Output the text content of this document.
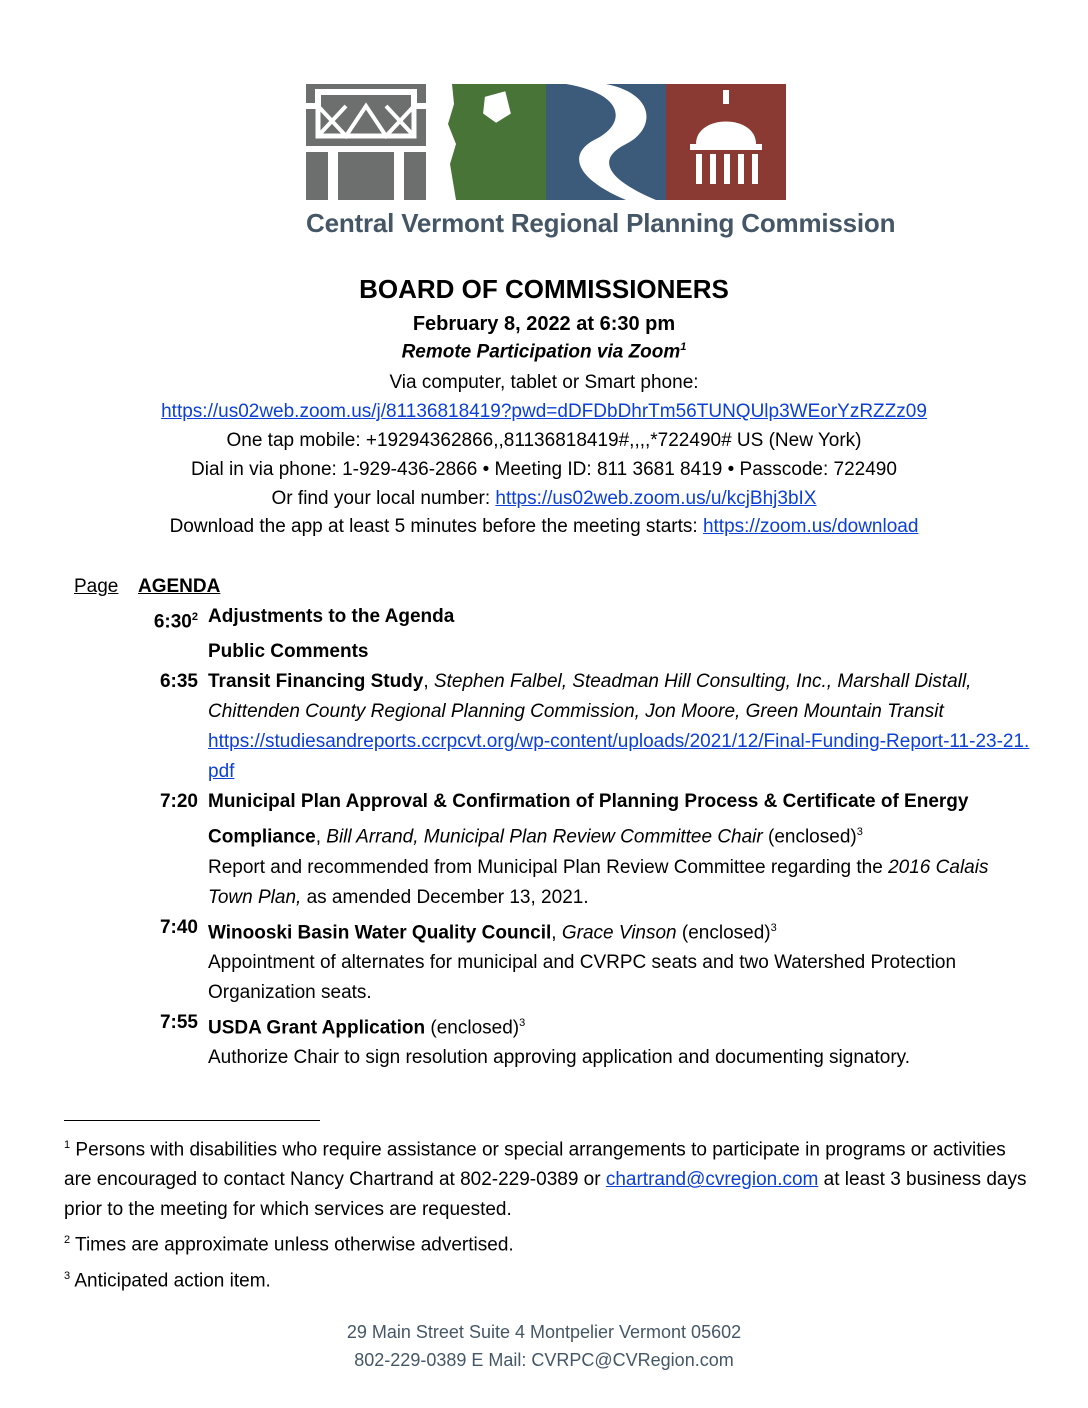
Central Vermont Regional Planning Commission
BOARD OF COMMISSIONERS
February 8, 2022 at 6:30 pm
Remote Participation via Zoom$^1$
Via computer, tablet or Smart phone:
https://us02web.zoom.us/j/81136818419?pwd=dDFDbDhrTm56TUNQUlp3WEorYzRZZz09
One tap mobile: +19294362866,,81136818419#,,,,*722490# US (New York)
Dial in via phone: 1-929-436-2866 • Meeting ID: 811 3681 8419 • Passcode: 722490
Or find your local number: https://us02web.zoom.us/u/kcjBhj3bIX
Download the app at least 5 minutes before the meeting starts: https://zoom.us/download
Page	AGENDA
$6:30^2$ Adjustments to the Agenda
Public Comments
6:35 Transit Financing Study, Stephen Falbel, Steadman Hill Consulting, Inc., Marshall Distall, Chittenden County Regional Planning Commission, Jon Moore, Green Mountain Transit
https://studiesandreports.ccrpcvt.org/wp-content/uploads/2021/12/Final-Funding-Report-11-23-21.pdf
7:20 Municipal Plan Approval & Confirmation of Planning Process & Certificate of Energy Compliance, Bill Arrand, Municipal Plan Review Committee Chair (enclosed)$^3$
Report and recommended from Municipal Plan Review Committee regarding the 2016 Calais Town Plan, as amended December 13, 2021.
7:40 Winooski Basin Water Quality Council, Grace Vinson (enclosed)$^3$
Appointment of alternates for municipal and CVRPC seats and two Watershed Protection Organization seats.
7:55 USDA Grant Application (enclosed)$^3$
Authorize Chair to sign resolution approving application and documenting signatory.
$^1$ Persons with disabilities who require assistance or special arrangements to participate in programs or activities are encouraged to contact Nancy Chartrand at 802-229-0389 or chartrand@cvregion.com at least 3 business days prior to the meeting for which services are requested.
$^2$ Times are approximate unless otherwise advertised.
$^3$ Anticipated action item.
29 Main Street Suite 4 Montpelier Vermont 05602
802-229-0389 E Mail: CVRPC@CVRegion.com
